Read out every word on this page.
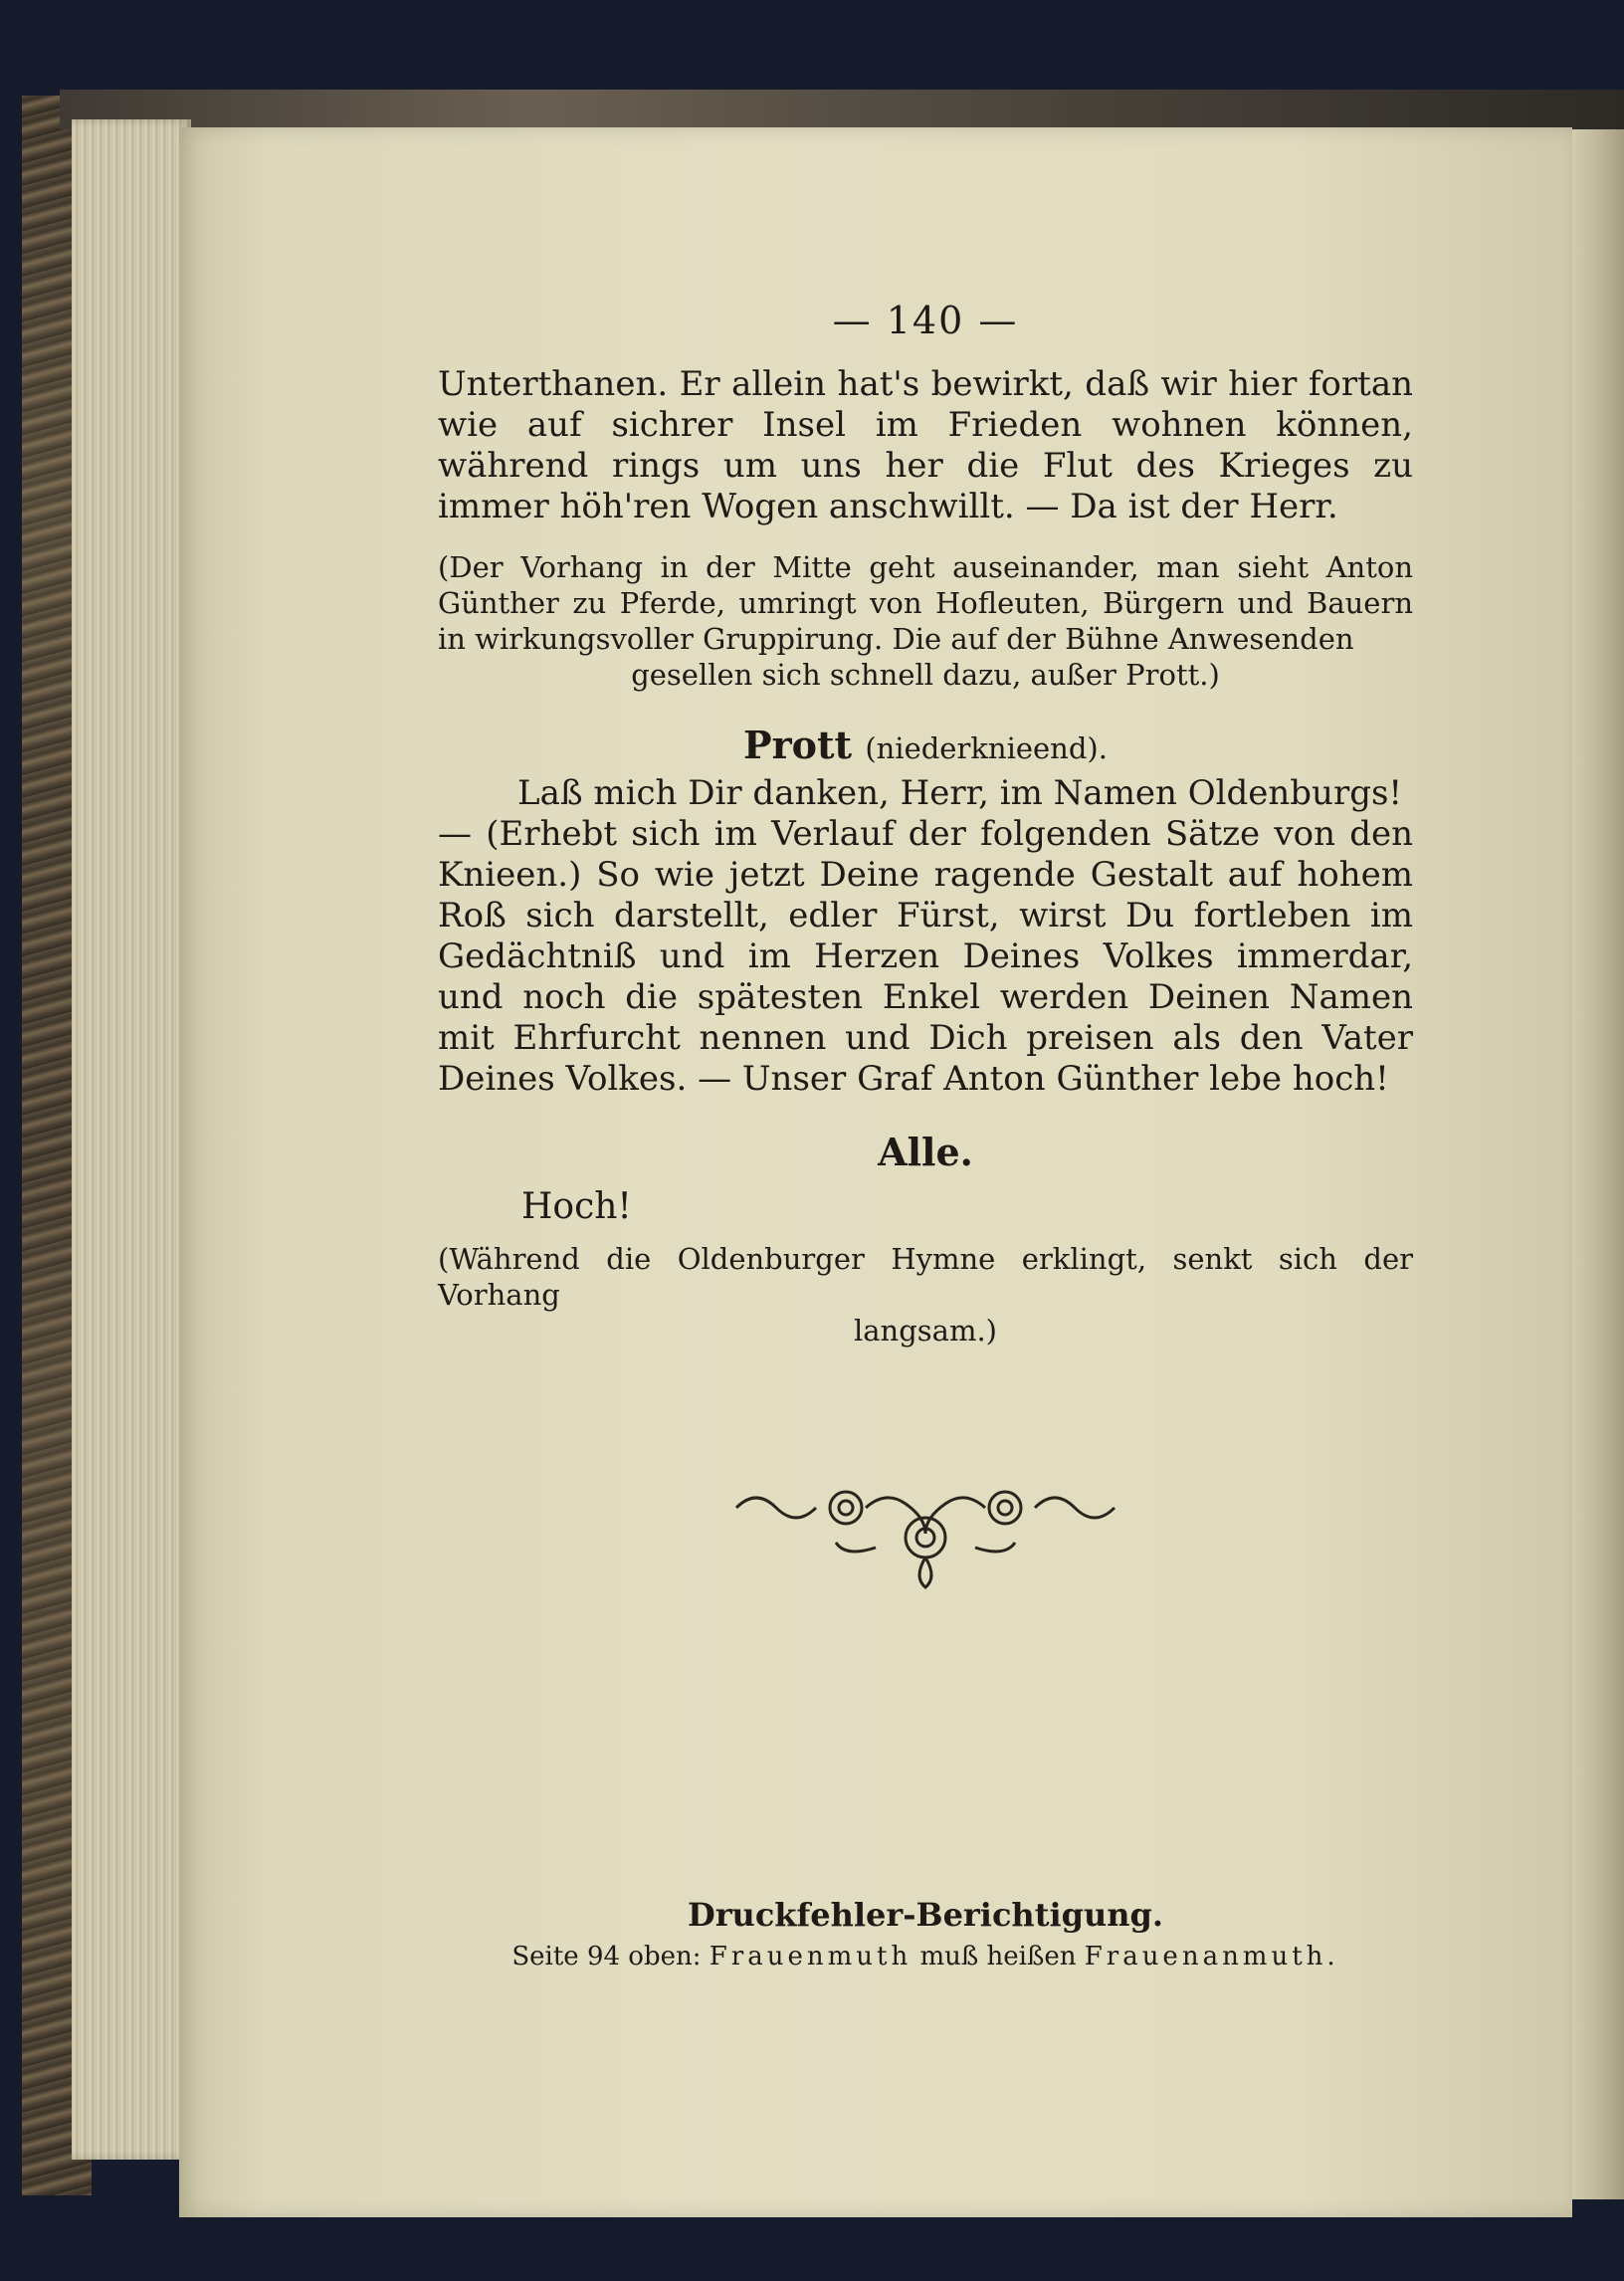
— 140 —
Unterthanen. Er allein hat's bewirkt, daß wir hier fortan wie auf sichrer Insel im Frieden wohnen können, während rings um uns her die Flut des Krieges zu immer höh'ren Wogen anschwillt. — Da ist der Herr.
(Der Vorhang in der Mitte geht auseinander, man sieht Anton Günther zu Pferde, umringt von Hofleuten, Bürgern und Bauern in wirkungsvoller Gruppirung. Die auf der Bühne Anwesenden
gesellen sich schnell dazu, außer Prott.)
Prott (niederknieend).
Laß mich Dir danken, Herr, im Namen Oldenburgs!
— (Erhebt sich im Verlauf der folgenden Sätze von den Knieen.) So wie jetzt Deine ragende Gestalt auf hohem Roß sich darstellt, edler Fürst, wirst Du fortleben im Gedächtniß und im Herzen Deines Volkes immerdar, und noch die spätesten Enkel werden Deinen Namen mit Ehrfurcht nennen und Dich preisen als den Vater Deines Volkes. — Unser Graf Anton Günther lebe hoch!
Alle.
Hoch!
(Während die Oldenburger Hymne erklingt, senkt sich der Vorhang
langsam.)
Druckfehler-Berichtigung.
Seite 94 oben: Frauenmuth muß heißen Frauenanmuth.
